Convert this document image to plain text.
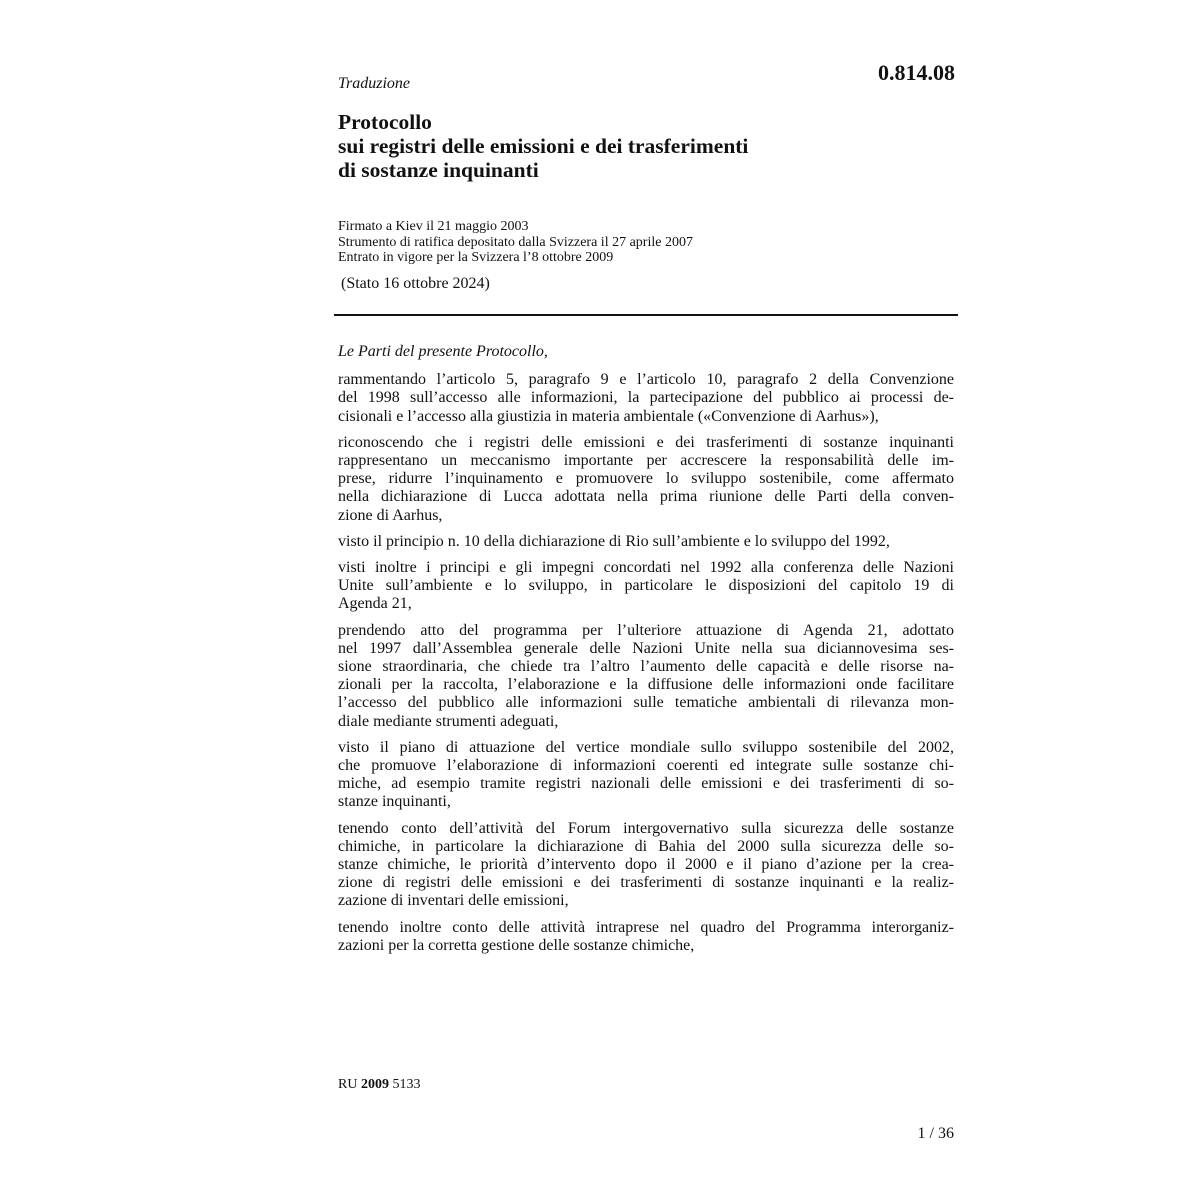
Traduzione	0.814.08
Protocollo
sui registri delle emissioni e dei trasferimenti
di sostanze inquinanti
Firmato a Kiev il 21 maggio 2003
Strumento di ratifica depositato dalla Svizzera il 27 aprile 2007
Entrato in vigore per la Svizzera l’8 ottobre 2009
(Stato 16 ottobre 2024)
Le Parti del presente Protocollo,
rammentando l’articolo 5, paragrafo 9 e l’articolo 10, paragrafo 2 della Convenzione
del 1998 sull’accesso alle informazioni, la partecipazione del pubblico ai processi de-
cisionali e l’accesso alla giustizia in materia ambientale («Convenzione di Aarhus»),
riconoscendo che i registri delle emissioni e dei trasferimenti di sostanze inquinanti
rappresentano un meccanismo importante per accrescere la responsabilità delle im-
prese, ridurre l’inquinamento e promuovere lo sviluppo sostenibile, come affermato
nella dichiarazione di Lucca adottata nella prima riunione delle Parti della conven-
zione di Aarhus,
visto il principio n. 10 della dichiarazione di Rio sull’ambiente e lo sviluppo del 1992,
visti inoltre i principi e gli impegni concordati nel 1992 alla conferenza delle Nazioni
Unite sull’ambiente e lo sviluppo, in particolare le disposizioni del capitolo 19 di
Agenda 21,
prendendo atto del programma per l’ulteriore attuazione di Agenda 21, adottato
nel 1997 dall’Assemblea generale delle Nazioni Unite nella sua diciannovesima ses-
sione straordinaria, che chiede tra l’altro l’aumento delle capacità e delle risorse na-
zionali per la raccolta, l’elaborazione e la diffusione delle informazioni onde facilitare
l’accesso del pubblico alle informazioni sulle tematiche ambientali di rilevanza mon-
diale mediante strumenti adeguati,
visto il piano di attuazione del vertice mondiale sullo sviluppo sostenibile del 2002,
che promuove l’elaborazione di informazioni coerenti ed integrate sulle sostanze chi-
miche, ad esempio tramite registri nazionali delle emissioni e dei trasferimenti di so-
stanze inquinanti,
tenendo conto dell’attività del Forum intergovernativo sulla sicurezza delle sostanze
chimiche, in particolare la dichiarazione di Bahia del 2000 sulla sicurezza delle so-
stanze chimiche, le priorità d’intervento dopo il 2000 e il piano d’azione per la crea-
zione di registri delle emissioni e dei trasferimenti di sostanze inquinanti e la realiz-
zazione di inventari delle emissioni,
tenendo inoltre conto delle attività intraprese nel quadro del Programma interorganiz-
zazioni per la corretta gestione delle sostanze chimiche,
RU 2009 5133
1 / 36
